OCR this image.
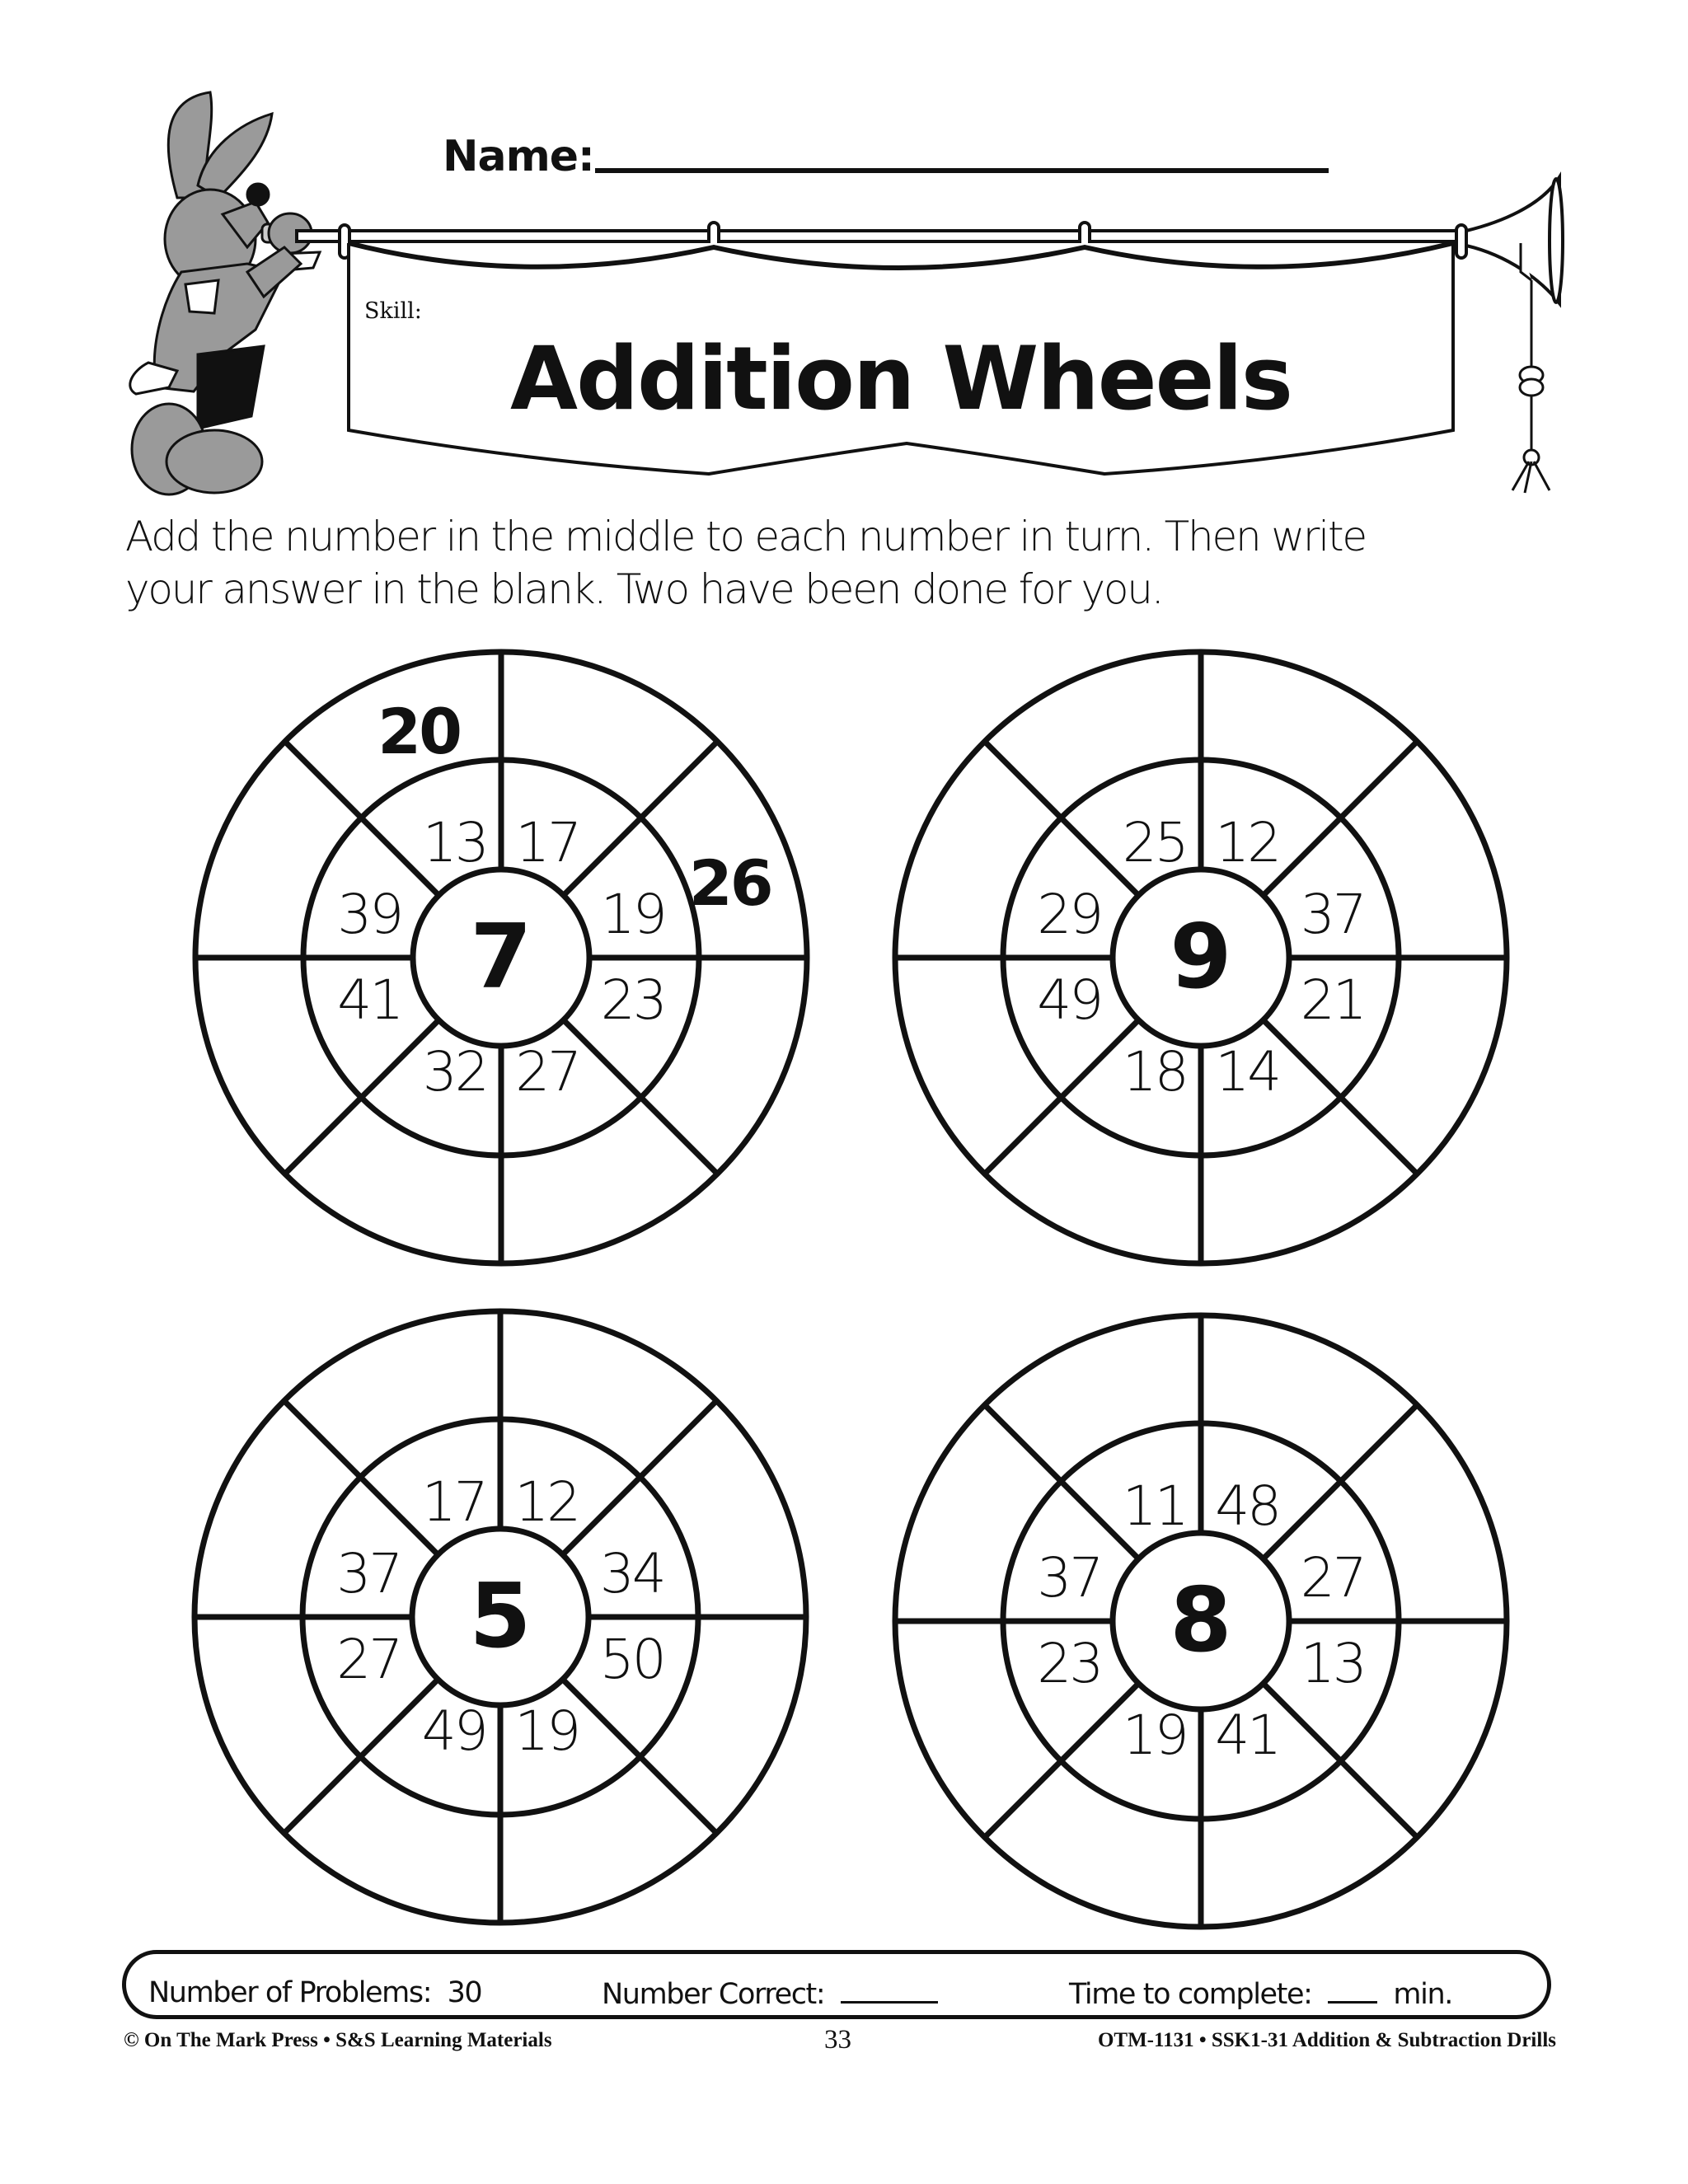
Name:
Skill:
Addition Wheels
Add the number in the middle to each number in turn. Then write
your answer in the blank. Two have been done for you.
7
17
19 26
23
27
32
41
39
13
20
9
12
37
21
14
18
49
29
25
5
12
34
50
19
49
27
37
17
8
48
27
13
41
19
23
37
11
Number of Problems: 30	Number Correct:	Time to complete:	min.
© On The Mark Press • S&S Learning Materials	33	OTM-1131 • SSK1-31 Addition & Subtraction Drills
